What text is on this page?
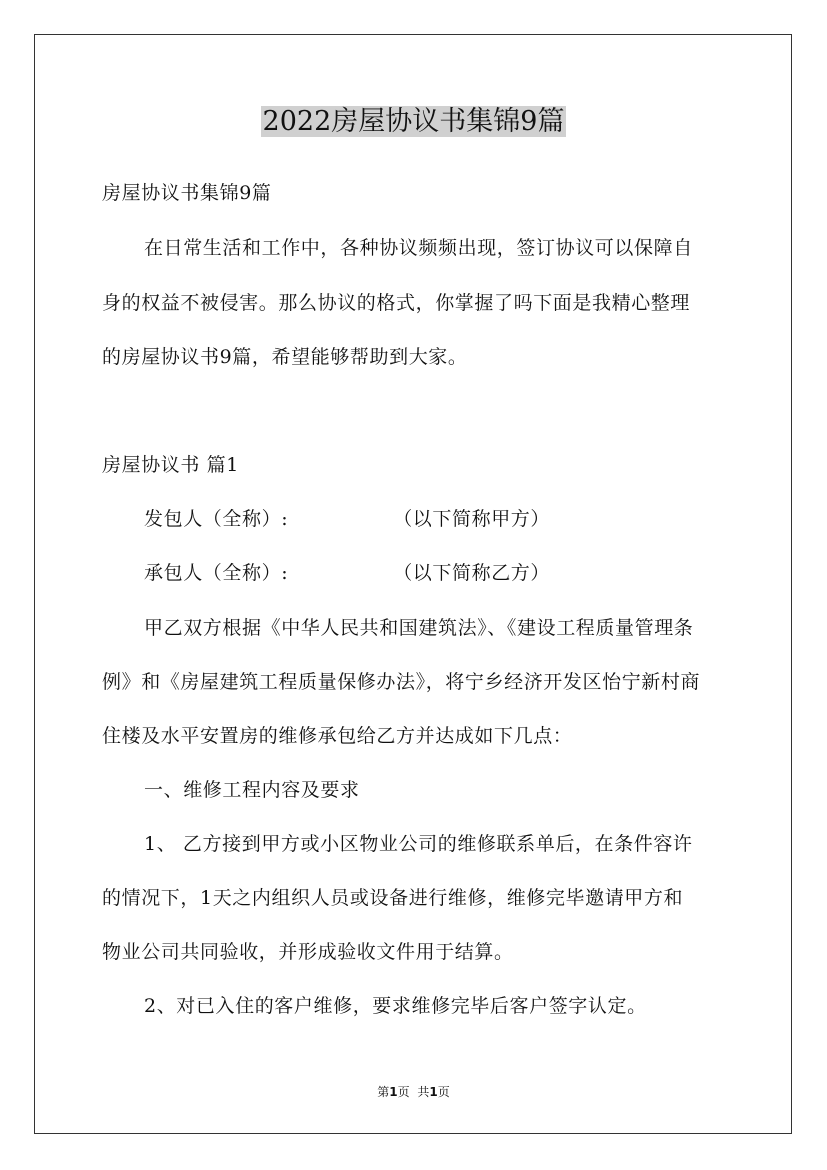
2022房屋协议书集锦9篇
房屋协议书集锦9篇
在日常生活和工作中，各种协议频频出现，签订协议可以保障自
身的权益不被侵害。那么协议的格式，你掌握了吗下面是我精心整理
的房屋协议书9篇，希望能够帮助到大家。
房屋协议书 篇1
发包人（全称）:	（以下简称甲方）
承包人（全称）:	（以下简称乙方）
甲乙双方根据《中华人民共和国建筑法》、《建设工程质量管理条
例》和《房屋建筑工程质量保修办法》，将宁乡经济开发区怡宁新村商
住楼及水平安置房的维修承包给乙方并达成如下几点：
一、维修工程内容及要求
1、 乙方接到甲方或小区物业公司的维修联系单后，在条件容许
的情况下，1天之内组织人员或设备进行维修，维修完毕邀请甲方和
物业公司共同验收，并形成验收文件用于结算。
2、对已入住的客户维修，要求维修完毕后客户签字认定。
第1页 共1页
